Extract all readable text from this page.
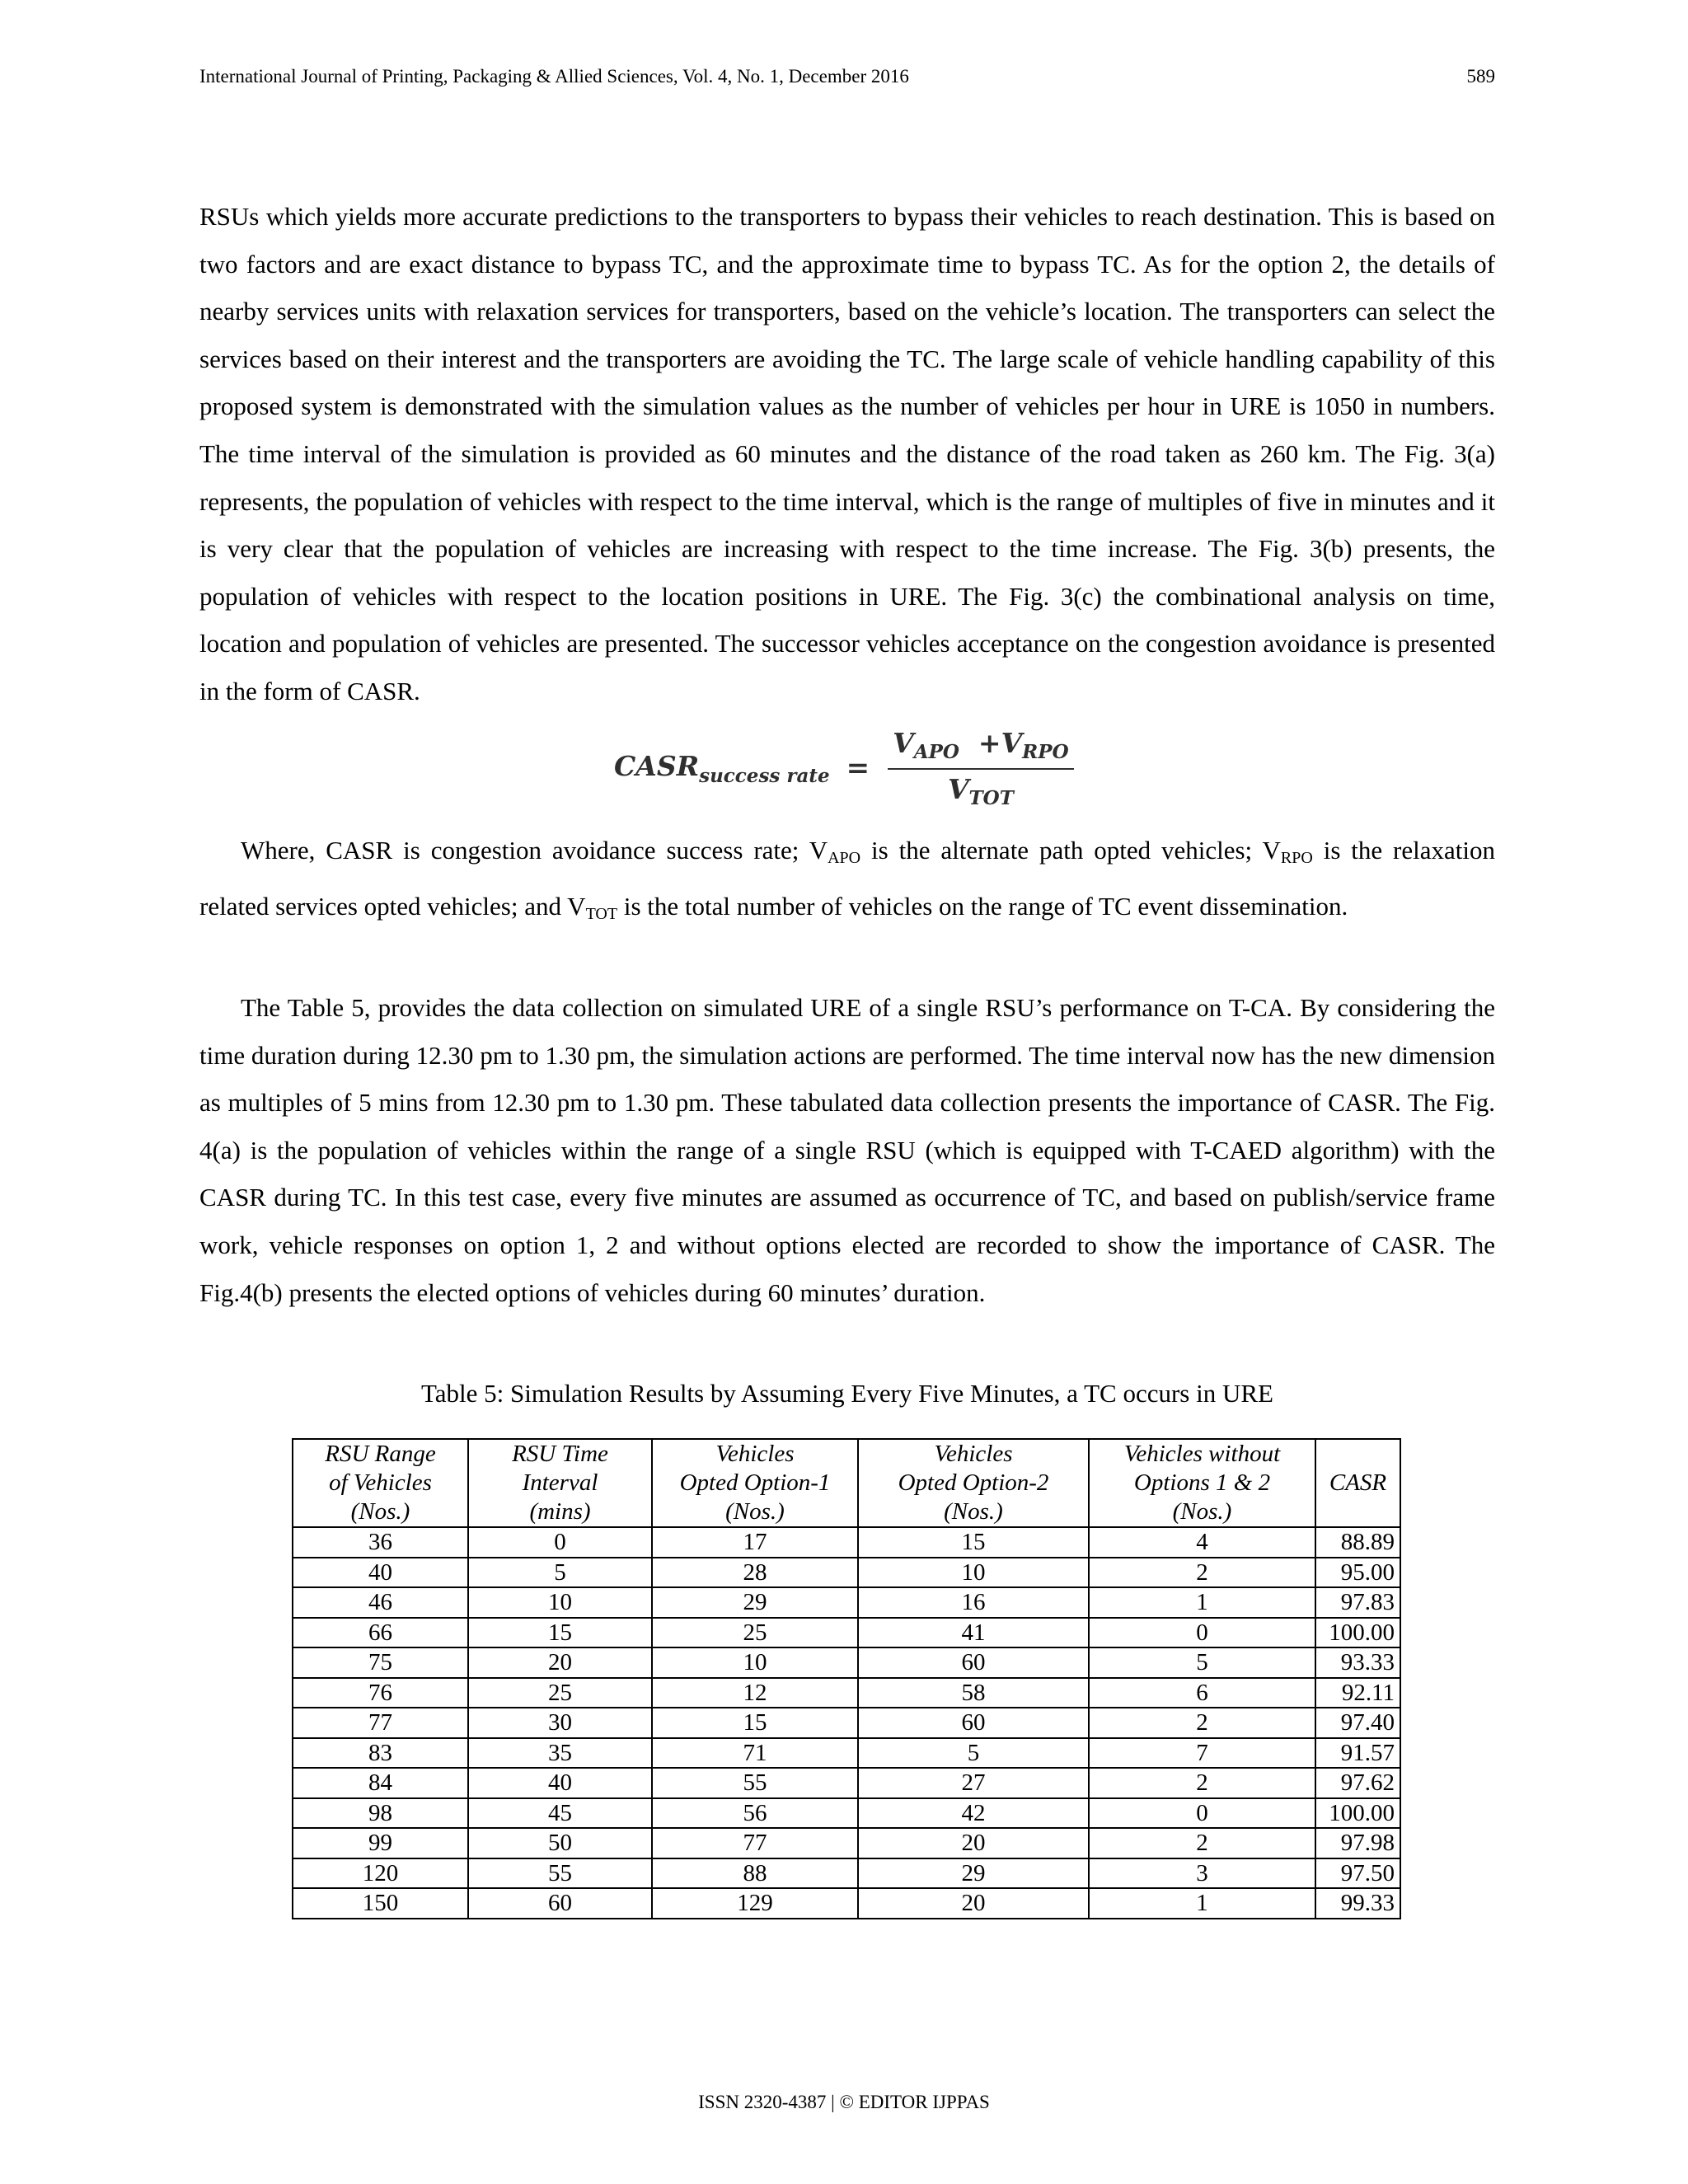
International Journal of Printing, Packaging & Allied Sciences, Vol. 4, No. 1, December 2016	589

RSUs which yields more accurate predictions to the transporters to bypass their vehicles to reach destination. This is based on two factors and are exact distance to bypass TC, and the approximate time to bypass TC. As for the option 2, the details of nearby services units with relaxation services for transporters, based on the vehicle’s location. The transporters can select the services based on their interest and the transporters are avoiding the TC. The large scale of vehicle handling capability of this proposed system is demonstrated with the simulation values as the number of vehicles per hour in URE is 1050 in numbers. The time interval of the simulation is provided as 60 minutes and the distance of the road taken as 260 km. The Fig. 3(a) represents, the population of vehicles with respect to the time interval, which is the range of multiples of five in minutes and it is very clear that the population of vehicles are increasing with respect to the time increase. The Fig. 3(b) presents, the population of vehicles with respect to the location positions in URE. The Fig. 3(c) the combinational analysis on time, location and population of vehicles are presented. The successor vehicles acceptance on the congestion avoidance is presented in the form of CASR.

$CASR_{success rate} = \frac{V_{APO} +V_{RPO}}{V_{TOT}}$

Where, CASR is congestion avoidance success rate; $V_{APO}$ is the alternate path opted vehicles; $V_{RPO}$ is the relaxation related services opted vehicles; and $V_{TOT}$ is the total number of vehicles on the range of TC event dissemination.

The Table 5, provides the data collection on simulated URE of a single RSU’s performance on T-CA. By considering the time duration during 12.30 pm to 1.30 pm, the simulation actions are performed. The time interval now has the new dimension as multiples of 5 mins from 12.30 pm to 1.30 pm. These tabulated data collection presents the importance of CASR. The Fig. 4(a) is the population of vehicles within the range of a single RSU (which is equipped with T-CAED algorithm) with the CASR during TC. In this test case, every five minutes are assumed as occurrence of TC, and based on publish/service frame work, vehicle responses on option 1, 2 and without options elected are recorded to show the importance of CASR. The Fig.4(b) presents the elected options of vehicles during 60 minutes’ duration.

Table 5: Simulation Results by Assuming Every Five Minutes, a TC occurs in URE
RSU Range
of Vehicles
(Nos.)	RSU Time
Interval
(mins)	Vehicles
Opted Option-1
(Nos.)	Vehicles
Opted Option-2
(Nos.)	Vehicles without
Options 1 & 2
(Nos.)	CASR
36	0	17	15	4	88.89
40	5	28	10	2	95.00
46	10	29	16	1	97.83
66	15	25	41	0	100.00
75	20	10	60	5	93.33
76	25	12	58	6	92.11
77	30	15	60	2	97.40
83	35	71	5	7	91.57
84	40	55	27	2	97.62
98	45	56	42	0	100.00
99	50	77	20	2	97.98
120	55	88	29	3	97.50
150	60	129	20	1	99.33
ISSN 2320-4387 | © EDITOR IJPPAS
